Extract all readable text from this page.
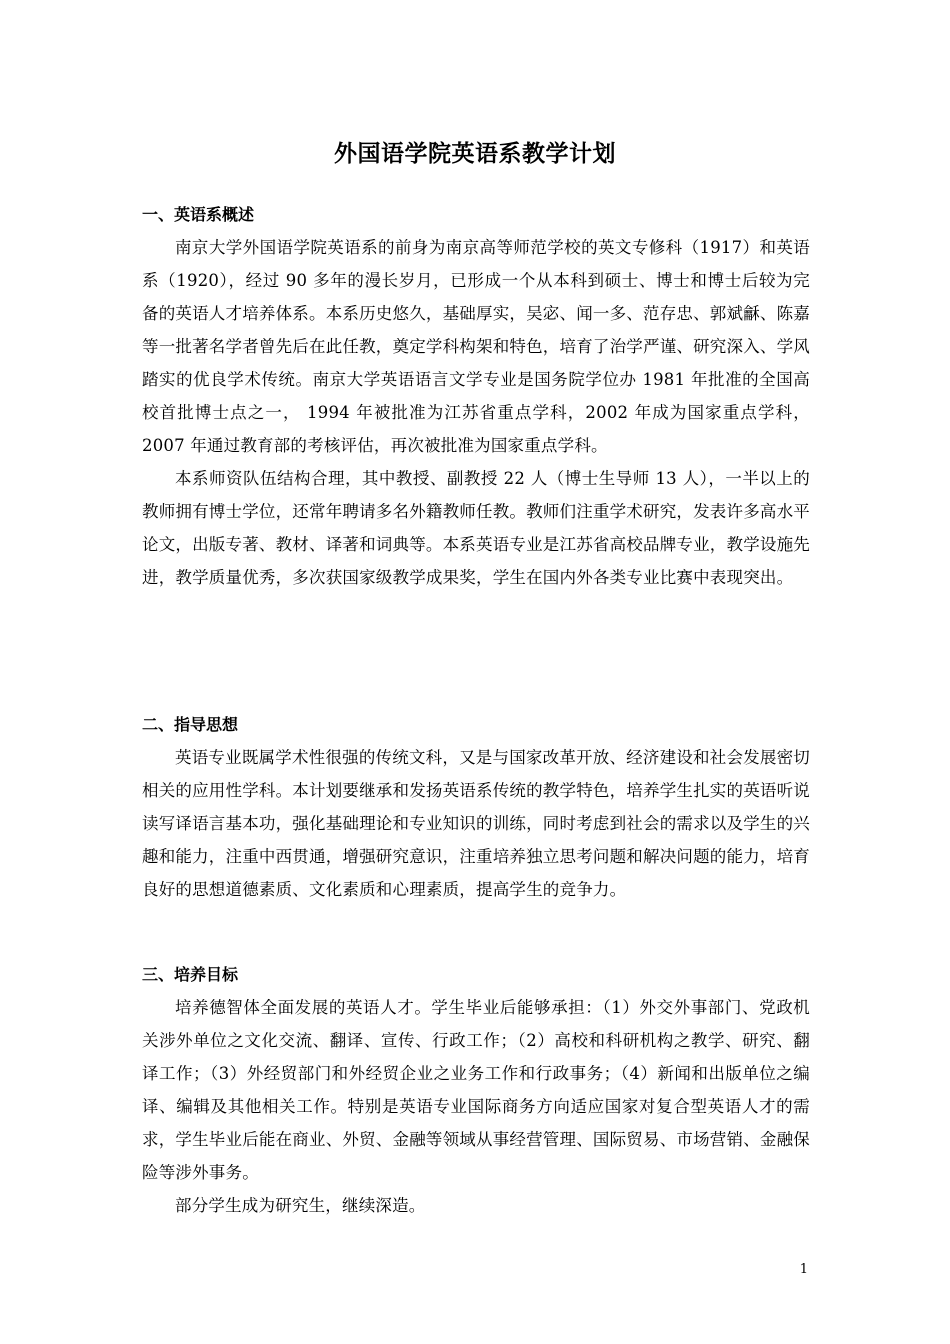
外国语学院英语系教学计划
一、英语系概述

南京大学外国语学院英语系的前身为南京高等师范学校的英文专修科（1917）和英语系（1920），经过 90 多年的漫长岁月，已形成一个从本科到硕士、博士和博士后较为完备的英语人才培养体系。本系历史悠久，基础厚实，吴宓、闻一多、范存忠、郭斌龢、陈嘉等一批著名学者曾先后在此任教，奠定学科构架和特色，培育了治学严谨、研究深入、学风踏实的优良学术传统。南京大学英语语言文学专业是国务院学位办 1981 年批准的全国高校首批博士点之一， 1994 年被批准为江苏省重点学科，2002 年成为国家重点学科，2007 年通过教育部的考核评估，再次被批准为国家重点学科。

本系师资队伍结构合理，其中教授、副教授 22 人（博士生导师 13 人），一半以上的教师拥有博士学位，还常年聘请多名外籍教师任教。教师们注重学术研究，发表许多高水平论文，出版专著、教材、译著和词典等。本系英语专业是江苏省高校品牌专业，教学设施先进，教学质量优秀，多次获国家级教学成果奖，学生在国内外各类专业比赛中表现突出。

二、指导思想

英语专业既属学术性很强的传统文科，又是与国家改革开放、经济建设和社会发展密切相关的应用性学科。本计划要继承和发扬英语系传统的教学特色，培养学生扎实的英语听说读写译语言基本功，强化基础理论和专业知识的训练，同时考虑到社会的需求以及学生的兴趣和能力，注重中西贯通，增强研究意识，注重培养独立思考问题和解决问题的能力，培育良好的思想道德素质、文化素质和心理素质，提高学生的竞争力。

三、培养目标

培养德智体全面发展的英语人才。学生毕业后能够承担：（1）外交外事部门、党政机关涉外单位之文化交流、翻译、宣传、行政工作；（2）高校和科研机构之教学、研究、翻译工作；（3）外经贸部门和外经贸企业之业务工作和行政事务；（4）新闻和出版单位之编译、编辑及其他相关工作。特别是英语专业国际商务方向适应国家对复合型英语人才的需求，学生毕业后能在商业、外贸、金融等领域从事经营管理、国际贸易、市场营销、金融保险等涉外事务。

部分学生成为研究生，继续深造。

1
